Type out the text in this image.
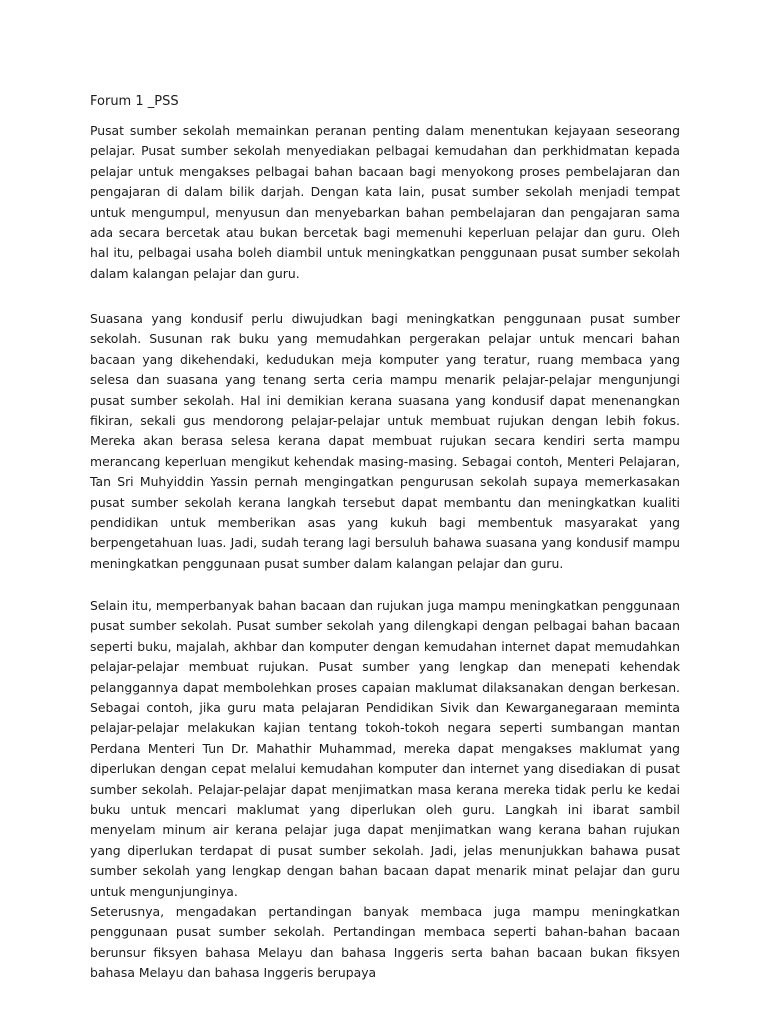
Forum 1 _PSS

Pusat sumber sekolah memainkan peranan penting dalam menentukan kejayaan seseorang pelajar. Pusat sumber sekolah menyediakan pelbagai kemudahan dan perkhidmatan kepada pelajar untuk mengakses pelbagai bahan bacaan bagi menyokong proses pembelajaran dan pengajaran di dalam bilik darjah. Dengan kata lain, pusat sumber sekolah menjadi tempat untuk mengumpul, menyusun dan menyebarkan bahan pembelajaran dan pengajaran sama ada secara bercetak atau bukan bercetak bagi memenuhi keperluan pelajar dan guru. Oleh hal itu, pelbagai usaha boleh diambil untuk meningkatkan penggunaan pusat sumber sekolah dalam kalangan pelajar dan guru.

Suasana yang kondusif perlu diwujudkan bagi meningkatkan penggunaan pusat sumber sekolah. Susunan rak buku yang memudahkan pergerakan pelajar untuk mencari bahan bacaan yang dikehendaki, kedudukan meja komputer yang teratur, ruang membaca yang selesa dan suasana yang tenang serta ceria mampu menarik pelajar-pelajar mengunjungi pusat sumber sekolah. Hal ini demikian kerana suasana yang kondusif dapat menenangkan fikiran, sekali gus mendorong pelajar-pelajar untuk membuat rujukan dengan lebih fokus. Mereka akan berasa selesa kerana dapat membuat rujukan secara kendiri serta mampu merancang keperluan mengikut kehendak masing-masing. Sebagai contoh, Menteri Pelajaran, Tan Sri Muhyiddin Yassin pernah mengingatkan pengurusan sekolah supaya memerkasakan pusat sumber sekolah kerana langkah tersebut dapat membantu dan meningkatkan kualiti pendidikan untuk memberikan asas yang kukuh bagi membentuk masyarakat yang berpengetahuan luas. Jadi, sudah terang lagi bersuluh bahawa suasana yang kondusif mampu meningkatkan penggunaan pusat sumber dalam kalangan pelajar dan guru.

Selain itu, memperbanyak bahan bacaan dan rujukan juga mampu meningkatkan penggunaan pusat sumber sekolah. Pusat sumber sekolah yang dilengkapi dengan pelbagai bahan bacaan seperti buku, majalah, akhbar dan komputer dengan kemudahan internet dapat memudahkan pelajar-pelajar membuat rujukan. Pusat sumber yang lengkap dan menepati kehendak pelanggannya dapat membolehkan proses capaian maklumat dilaksanakan dengan berkesan. Sebagai contoh, jika guru mata pelajaran Pendidikan Sivik dan Kewarganegaraan meminta pelajar-pelajar melakukan kajian tentang tokoh-tokoh negara seperti sumbangan mantan Perdana Menteri Tun Dr. Mahathir Muhammad, mereka dapat mengakses maklumat yang diperlukan dengan cepat melalui kemudahan komputer dan internet yang disediakan di pusat sumber sekolah. Pelajar-pelajar dapat menjimatkan masa kerana mereka tidak perlu ke kedai buku untuk mencari maklumat yang diperlukan oleh guru. Langkah ini ibarat sambil menyelam minum air kerana pelajar juga dapat menjimatkan wang kerana bahan rujukan yang diperlukan terdapat di pusat sumber sekolah. Jadi, jelas menunjukkan bahawa pusat sumber sekolah yang lengkap dengan bahan bacaan dapat menarik minat pelajar dan guru untuk mengunjunginya.

Seterusnya, mengadakan pertandingan banyak membaca juga mampu meningkatkan penggunaan pusat sumber sekolah. Pertandingan membaca seperti bahan-bahan bacaan berunsur fiksyen bahasa Melayu dan bahasa Inggeris serta bahan bacaan bukan fiksyen bahasa Melayu dan bahasa Inggeris berupaya
